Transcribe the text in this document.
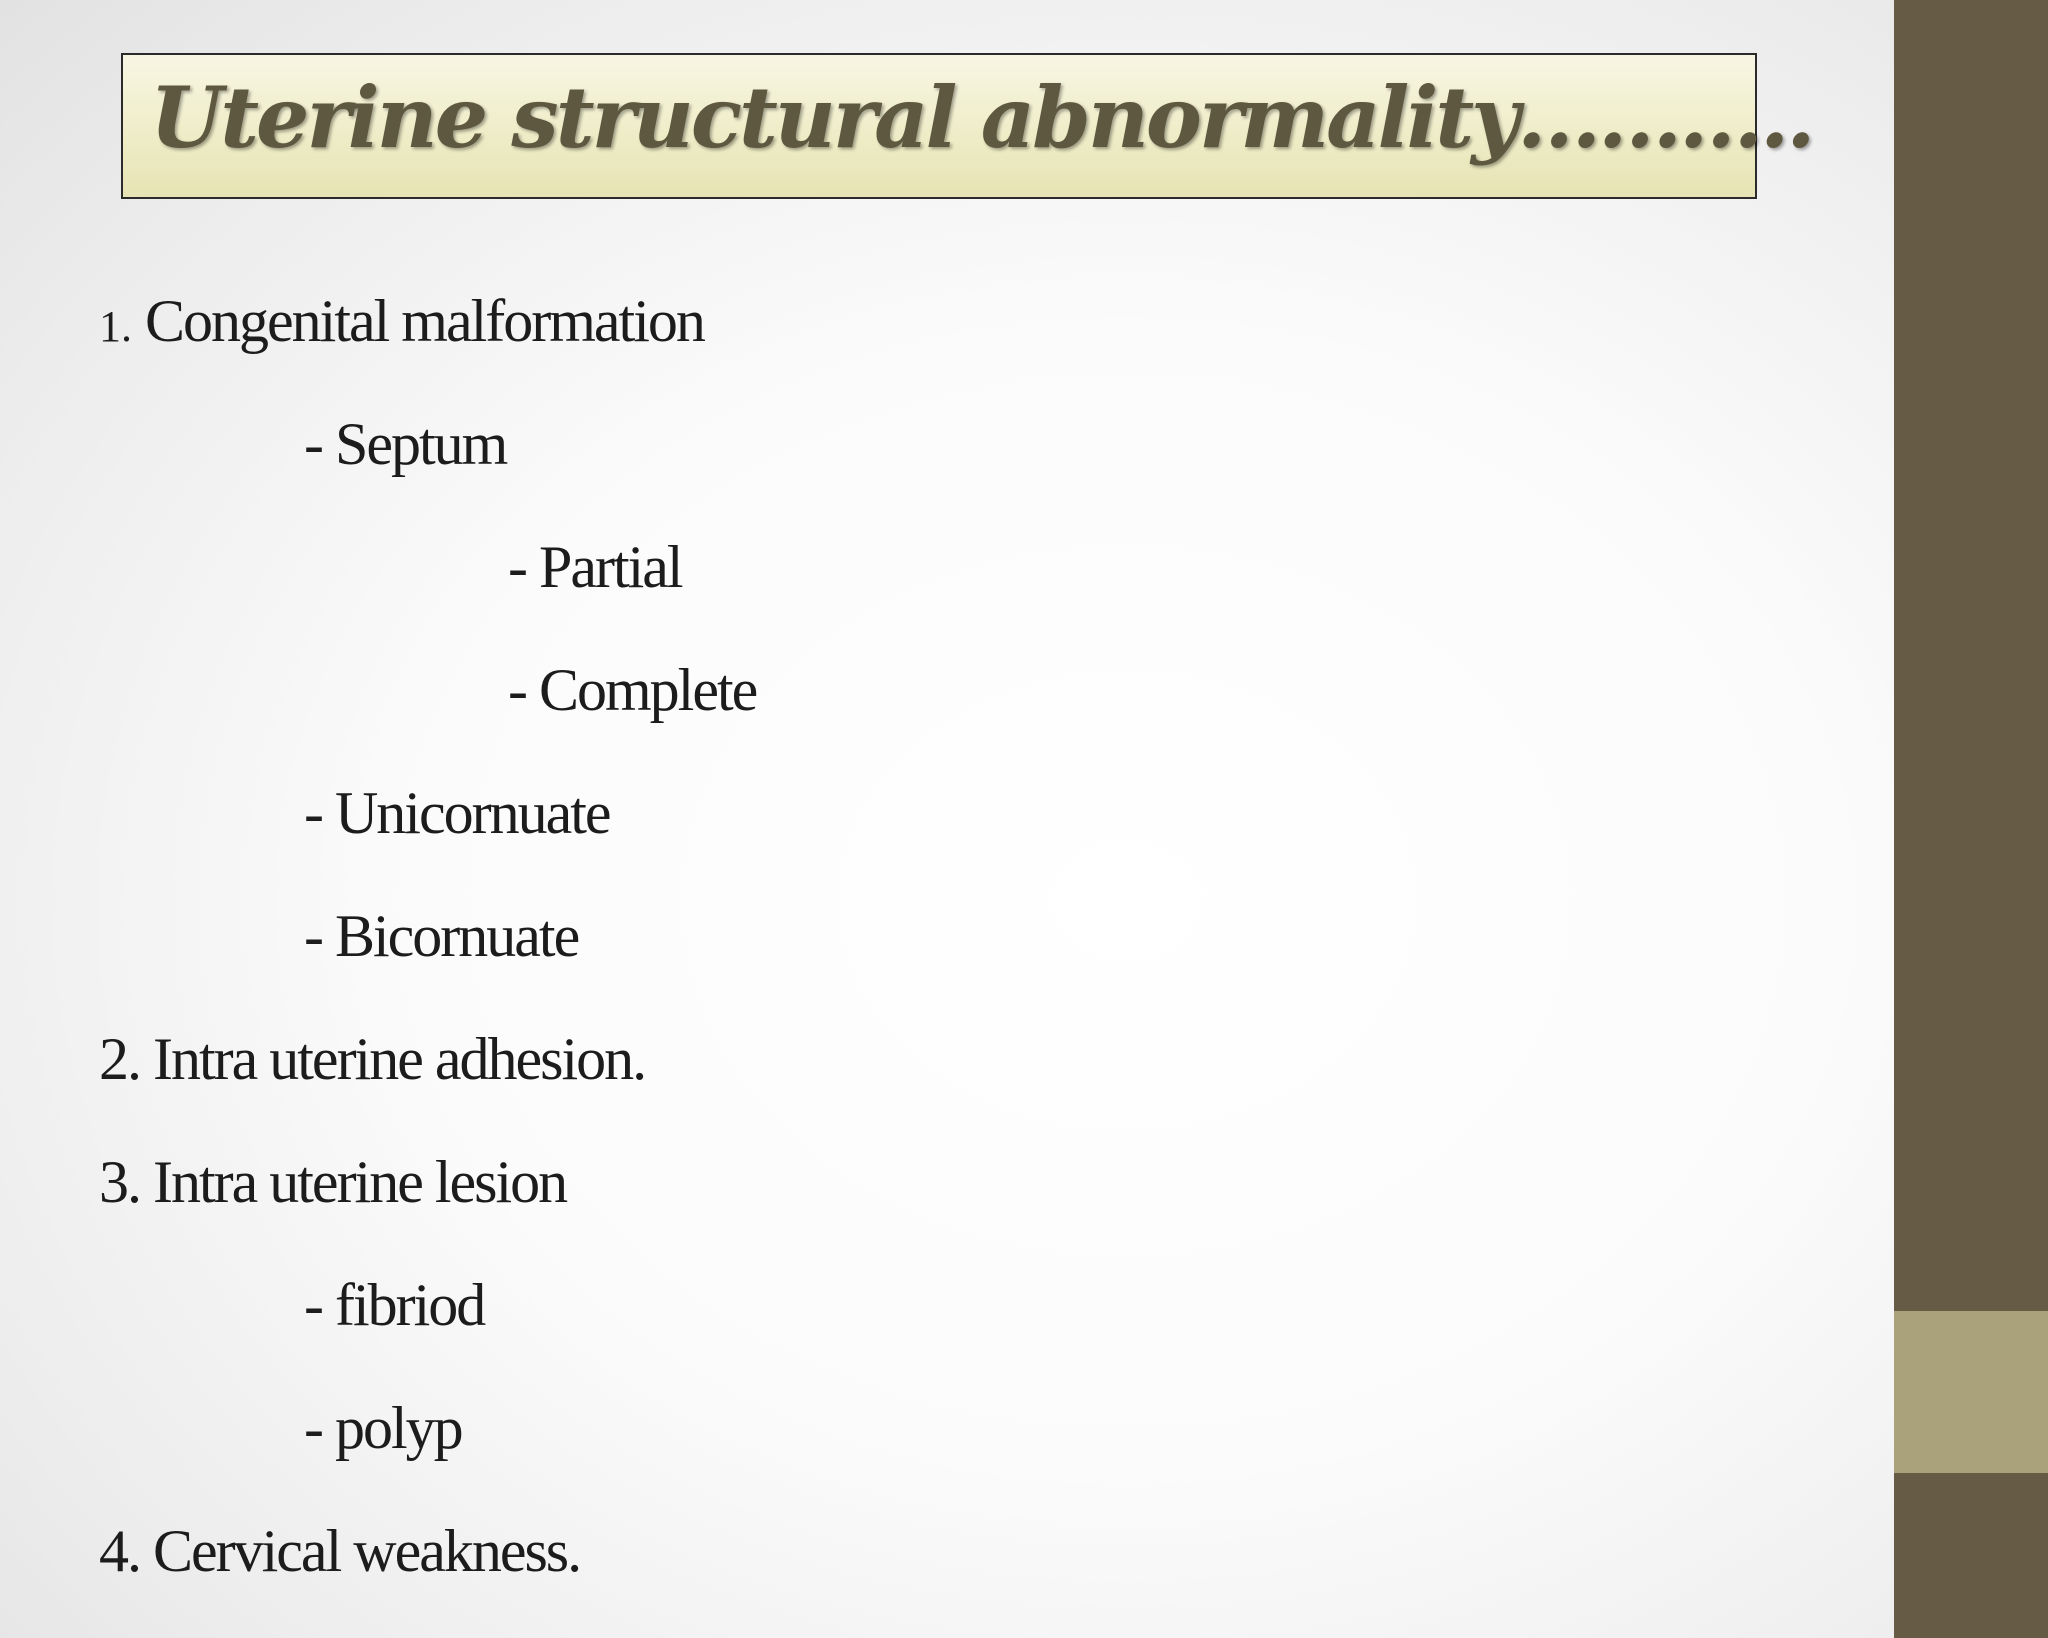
Uterine structural abnormality………..
1. Congenital malformation
- Septum
- Partial
- Complete
- Unicornuate
- Bicornuate
2. Intra uterine adhesion.
3. Intra uterine lesion
- fibriod
- polyp
4. Cervical weakness.
